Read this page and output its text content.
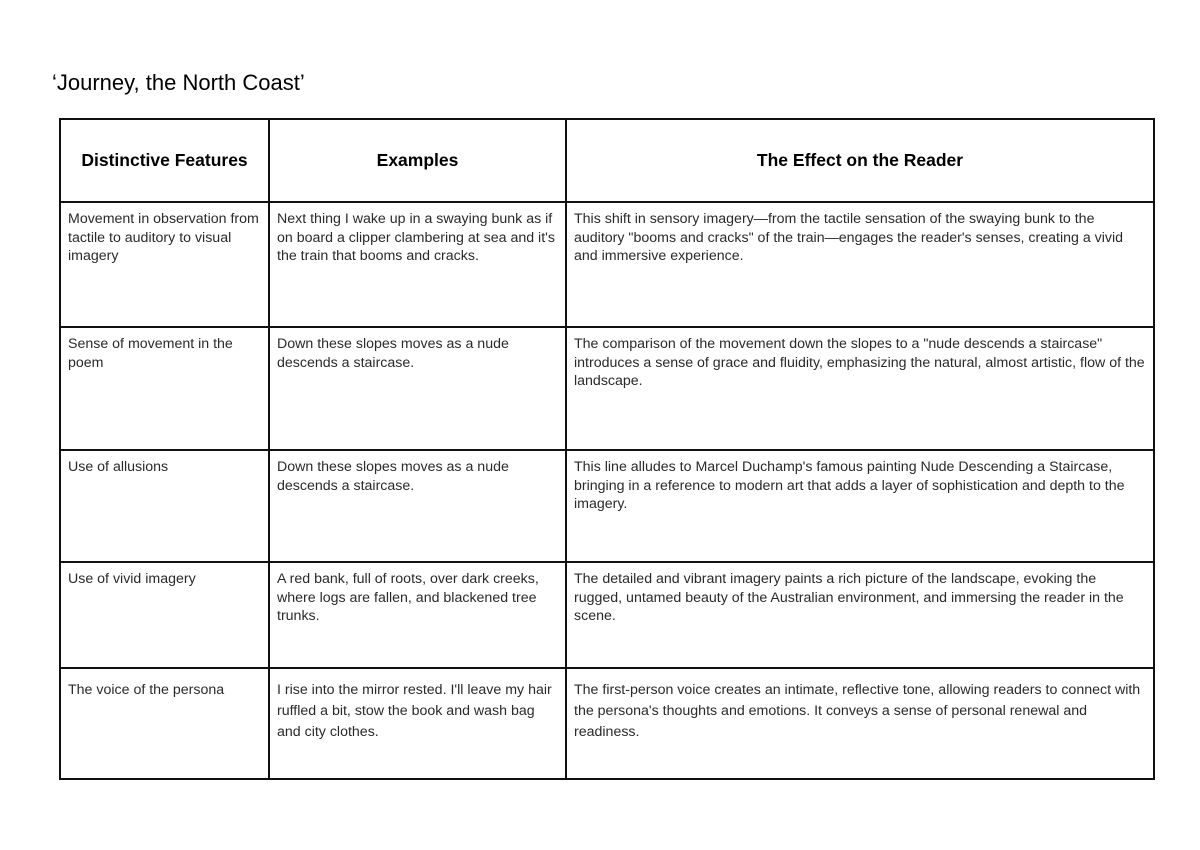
‘Journey, the North Coast’
Distinctive Features	Examples	The Effect on the Reader
Movement in observation from tactile to auditory to visual imagery	Next thing I wake up in a swaying bunk as if on board a clipper clambering at sea and it's the train that booms and cracks.	This shift in sensory imagery—from the tactile sensation of the swaying bunk to the auditory "booms and cracks" of the train—engages the reader's senses, creating a vivid and immersive experience.
Sense of movement in the poem	Down these slopes moves as a nude descends a staircase.	The comparison of the movement down the slopes to a "nude descends a staircase" introduces a sense of grace and fluidity, emphasizing the natural, almost artistic, flow of the landscape.
Use of allusions	Down these slopes moves as a nude descends a staircase.	This line alludes to Marcel Duchamp's famous painting Nude Descending a Staircase, bringing in a reference to modern art that adds a layer of sophistication and depth to the imagery.
Use of vivid imagery	A red bank, full of roots, over dark creeks, where logs are fallen, and blackened tree trunks.	The detailed and vibrant imagery paints a rich picture of the landscape, evoking the rugged, untamed beauty of the Australian environment, and immersing the reader in the scene.
The voice of the persona	I rise into the mirror rested. I'll leave my hair ruffled a bit, stow the book and wash bag and city clothes.	The first-person voice creates an intimate, reflective tone, allowing readers to connect with the persona's thoughts and emotions. It conveys a sense of personal renewal and readiness.
